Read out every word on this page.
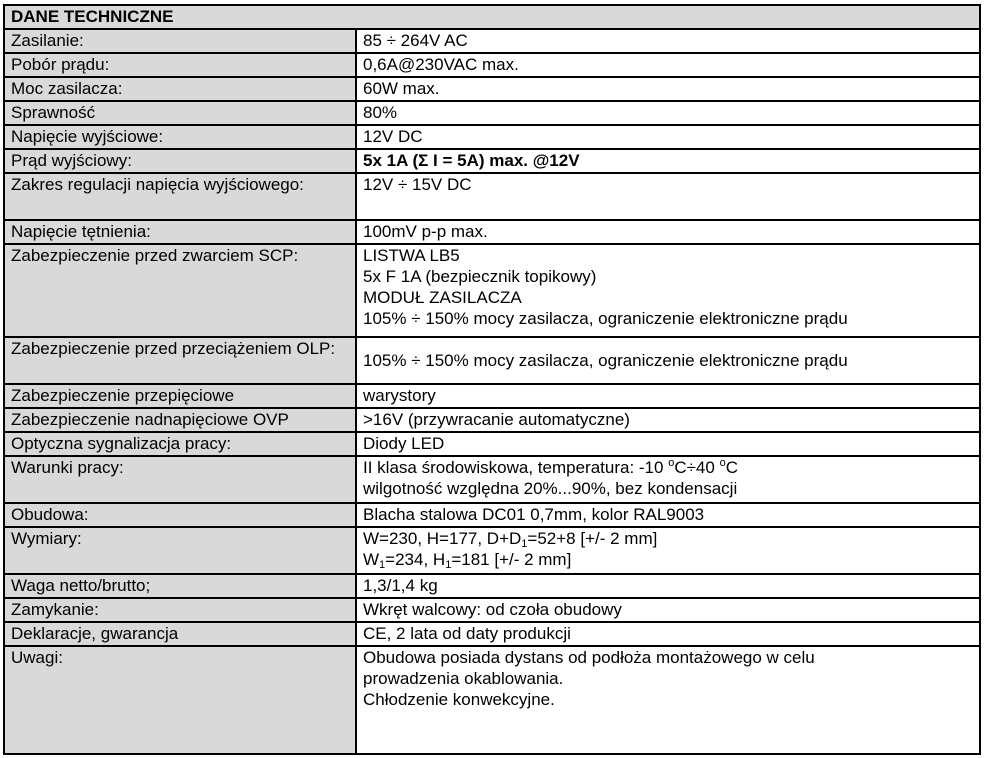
DANE TECHNICZNE	
Zasilanie:	85 ÷ 264V AC
Pobór prądu:	0,6A@230VAC max.
Moc zasilacza:	60W max.
Sprawność	80%
Napięcie wyjściowe:	12V DC
Prąd wyjściowy:	5x 1A (Σ I = 5A) max. @12V
Zakres regulacji napięcia wyjściowego:	12V ÷ 15V DC
Napięcie tętnienia:	100mV p-p max.
Zabezpieczenie przed zwarciem SCP:	LISTWA LB5
5x F 1A (bezpiecznik topikowy)
MODUŁ ZASILACZA
105% ÷ 150% mocy zasilacza, ograniczenie elektroniczne prądu

Zabezpieczenie przed przeciążeniem OLP:	105% ÷ 150% mocy zasilacza, ograniczenie elektroniczne prądu
Zabezpieczenie przepięciowe	warystory
Zabezpieczenie nadnapięciowe OVP	>16V (przywracanie automatyczne)
Optyczna sygnalizacja pracy:	Diody LED
Warunki pracy:	II klasa środowiskowa, temperatura: -10 $^o$C÷40 $^o$C
wilgotność względna 20%...90%, bez kondensacji

Obudowa:	Blacha stalowa DC01 0,7mm, kolor RAL9003
Wymiary:	W=230, H=177, D+D1=52+8 [+/- 2 mm]
W1=234, H1=181 [+/- 2 mm]

Waga netto/brutto;	1,3/1,4 kg
Zamykanie:	Wkręt walcowy: od czoła obudowy
Deklaracje, gwarancja	CE, 2 lata od daty produkcji
Uwagi:	Obudowa posiada dystans od podłoża montażowego w celu
prowadzenia okablowania.
Chłodzenie konwekcyjne.
